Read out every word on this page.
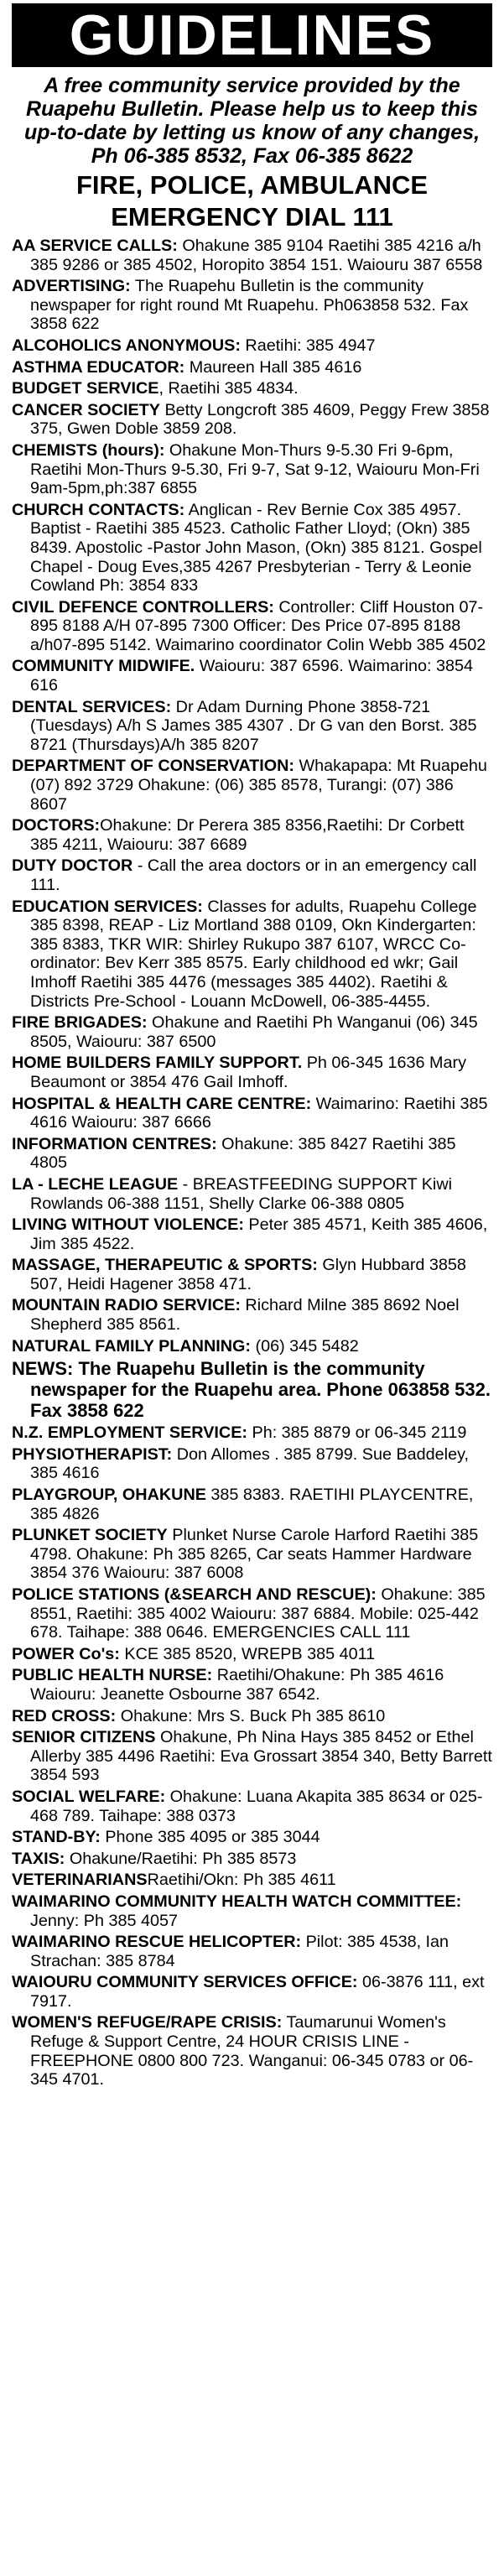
GUIDELINES
A free community service provided by the Ruapehu Bulletin. Please help us to keep this up-to-date by letting us know of any changes, Ph 06-385 8532, Fax 06-385 8622
FIRE, POLICE, AMBULANCE
EMERGENCY DIAL 111
AA SERVICE CALLS: Ohakune 385 9104 Raetihi 385 4216 a/h 385 9286 or 385 4502, Horopito 3854 151. Waiouru 387 6558
ADVERTISING: The Ruapehu Bulletin is the community newspaper for right round Mt Ruapehu. Ph063858 532. Fax 3858 622
ALCOHOLICS ANONYMOUS: Raetihi: 385 4947
ASTHMA EDUCATOR: Maureen Hall 385 4616
BUDGET SERVICE, Raetihi 385 4834.
CANCER SOCIETY Betty Longcroft 385 4609, Peggy Frew 3858 375, Gwen Doble 3859 208.
CHEMISTS (hours): Ohakune Mon-Thurs 9-5.30 Fri 9-6pm, Raetihi Mon-Thurs 9-5.30, Fri 9-7, Sat 9-12, Waiouru Mon-Fri 9am-5pm,ph:387 6855
CHURCH CONTACTS: Anglican - Rev Bernie Cox 385 4957. Baptist - Raetihi 385 4523. Catholic Father Lloyd; (Okn) 385 8439. Apostolic -Pastor John Mason, (Okn) 385 8121. Gospel Chapel - Doug Eves,385 4267 Presbyterian - Terry & Leonie Cowland Ph: 3854 833
CIVIL DEFENCE CONTROLLERS: Controller: Cliff Houston 07-895 8188 A/H 07-895 7300 Officer: Des Price 07-895 8188 a/h07-895 5142. Waimarino coordinator Colin Webb 385 4502
COMMUNITY MIDWIFE. Waiouru: 387 6596. Waimarino: 3854 616
DENTAL SERVICES: Dr Adam Durning Phone 3858-721 (Tuesdays) A/h S James 385 4307 . Dr G van den Borst. 385 8721 (Thursdays)A/h 385 8207
DEPARTMENT OF CONSERVATION: Whakapapa: Mt Ruapehu (07) 892 3729 Ohakune: (06) 385 8578, Turangi: (07) 386 8607
DOCTORS:Ohakune: Dr Perera 385 8356,Raetihi: Dr Corbett 385 4211, Waiouru: 387 6689
DUTY DOCTOR - Call the area doctors or in an emergency call 111.
EDUCATION SERVICES: Classes for adults, Ruapehu College 385 8398, REAP - Liz Mortland 388 0109, Okn Kindergarten: 385 8383, TKR WIR: Shirley Rukupo 387 6107, WRCC Co-ordinator: Bev Kerr 385 8575. Early childhood ed wkr; Gail Imhoff Raetihi 385 4476 (messages 385 4402). Raetihi & Districts Pre-School - Louann McDowell, 06-385-4455.
FIRE BRIGADES: Ohakune and Raetihi Ph Wanganui (06) 345 8505, Waiouru: 387 6500
HOME BUILDERS FAMILY SUPPORT. Ph 06-345 1636 Mary Beaumont or 3854 476 Gail Imhoff.
HOSPITAL & HEALTH CARE CENTRE: Waimarino: Raetihi 385 4616 Waiouru: 387 6666
INFORMATION CENTRES: Ohakune: 385 8427 Raetihi 385 4805
LA - LECHE LEAGUE - BREASTFEEDING SUPPORT Kiwi Rowlands 06-388 1151, Shelly Clarke 06-388 0805
LIVING WITHOUT VIOLENCE: Peter 385 4571, Keith 385 4606, Jim 385 4522.
MASSAGE, THERAPEUTIC & SPORTS: Glyn Hubbard 3858 507, Heidi Hagener 3858 471.
MOUNTAIN RADIO SERVICE: Richard Milne 385 8692 Noel Shepherd 385 8561.
NATURAL FAMILY PLANNING: (06) 345 5482
NEWS: The Ruapehu Bulletin is the community newspaper for the Ruapehu area. Phone 063858 532. Fax 3858 622
N.Z. EMPLOYMENT SERVICE: Ph: 385 8879 or 06-345 2119
PHYSIOTHERAPIST: Don Allomes . 385 8799. Sue Baddeley, 385 4616
PLAYGROUP, OHAKUNE 385 8383. RAETIHI PLAYCENTRE, 385 4826
PLUNKET SOCIETY Plunket Nurse Carole Harford Raetihi 385 4798. Ohakune: Ph 385 8265, Car seats Hammer Hardware 3854 376 Waiouru: 387 6008
POLICE STATIONS (&SEARCH AND RESCUE): Ohakune: 385 8551, Raetihi: 385 4002 Waiouru: 387 6884. Mobile: 025-442 678. Taihape: 388 0646. EMERGENCIES CALL 111
POWER Co's: KCE 385 8520, WREPB 385 4011
PUBLIC HEALTH NURSE: Raetihi/Ohakune: Ph 385 4616 Waiouru: Jeanette Osbourne 387 6542.
RED CROSS: Ohakune: Mrs S. Buck Ph 385 8610
SENIOR CITIZENS Ohakune, Ph Nina Hays 385 8452 or Ethel Allerby 385 4496 Raetihi: Eva Grossart 3854 340, Betty Barrett 3854 593
SOCIAL WELFARE: Ohakune: Luana Akapita 385 8634 or 025-468 789. Taihape: 388 0373
STAND-BY: Phone 385 4095 or 385 3044
TAXIS: Ohakune/Raetihi: Ph 385 8573
VETERINARIANSRaetihi/Okn: Ph 385 4611
WAIMARINO COMMUNITY HEALTH WATCH COMMITTEE: Jenny: Ph 385 4057
WAIMARINO RESCUE HELICOPTER: Pilot: 385 4538, Ian Strachan: 385 8784
WAIOURU COMMUNITY SERVICES OFFICE: 06-3876 111, ext 7917.
WOMEN'S REFUGE/RAPE CRISIS: Taumarunui Women's Refuge & Support Centre, 24 HOUR CRISIS LINE - FREEPHONE 0800 800 723. Wanganui: 06-345 0783 or 06-345 4701.
